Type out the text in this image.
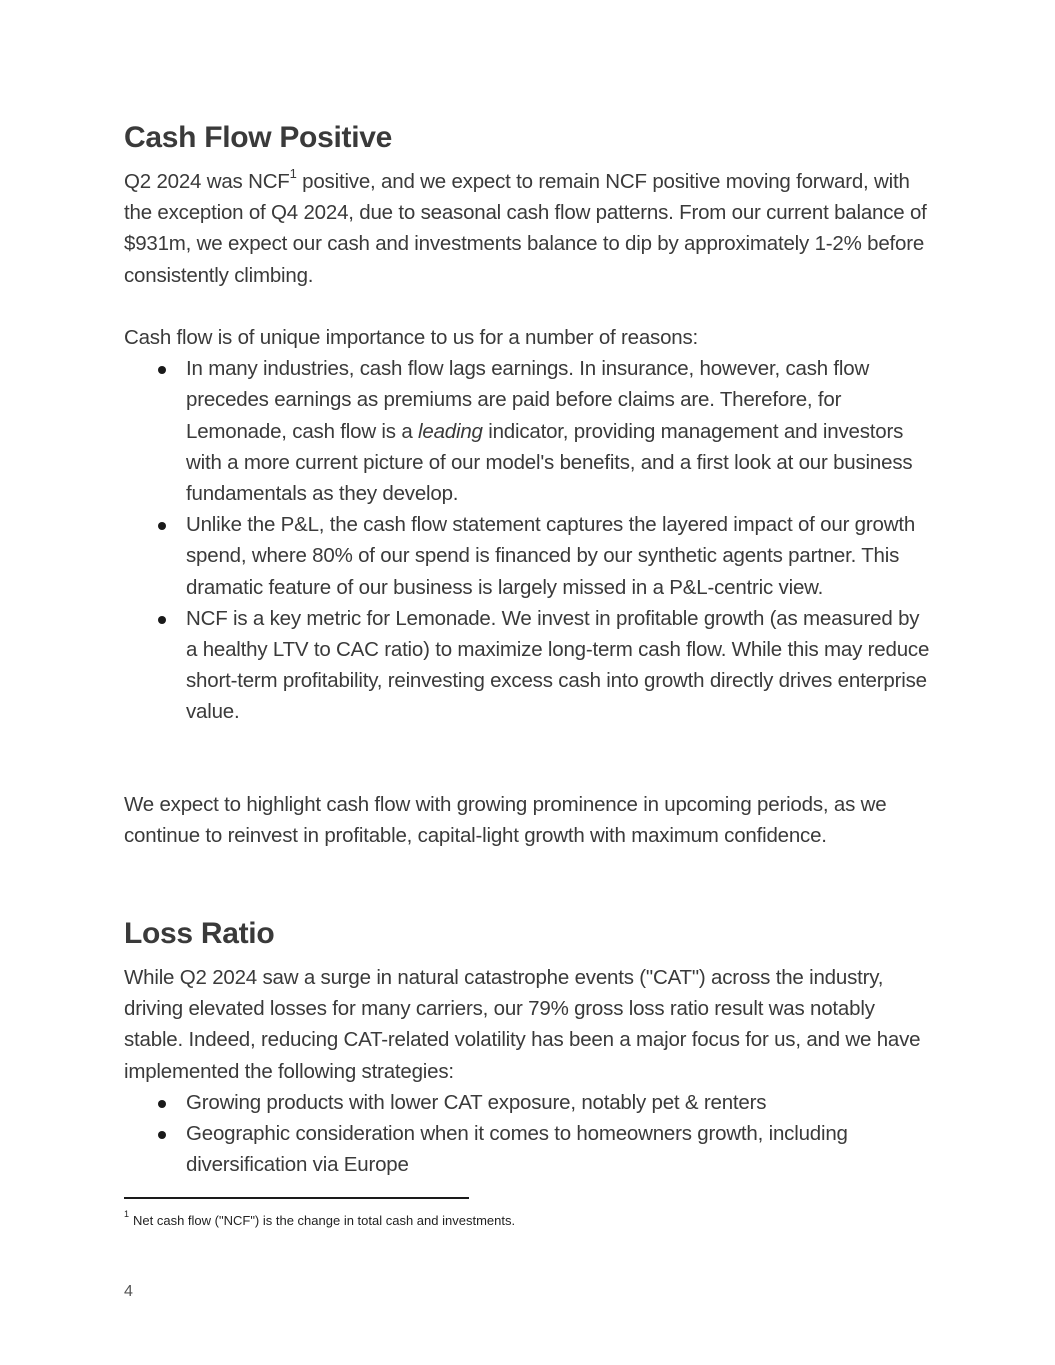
Cash Flow Positive

Q2 2024 was NCF$^1$ positive, and we expect to remain NCF positive moving forward, with the exception of Q4 2024, due to seasonal cash flow patterns. From our current balance of $931m, we expect our cash and investments balance to dip by approximately 1-2% before consistently climbing.

Cash flow is of unique importance to us for a number of reasons:

In many industries, cash flow lags earnings. In insurance, however, cash flow precedes earnings as premiums are paid before claims are. Therefore, for Lemonade, cash flow is a leading indicator, providing management and investors with a more current picture of our model's benefits, and a first look at our business fundamentals as they develop.
Unlike the P&L, the cash flow statement captures the layered impact of our growth spend, where 80% of our spend is financed by our synthetic agents partner. This dramatic feature of our business is largely missed in a P&L-centric view.
NCF is a key metric for Lemonade. We invest in profitable growth (as measured by a healthy LTV to CAC ratio) to maximize long-term cash flow. While this may reduce short-term profitability, reinvesting excess cash into growth directly drives enterprise value.

We expect to highlight cash flow with growing prominence in upcoming periods, as we continue to reinvest in profitable, capital-light growth with maximum confidence.

Loss Ratio

While Q2 2024 saw a surge in natural catastrophe events ("CAT") across the industry, driving elevated losses for many carriers, our 79% gross loss ratio result was notably stable. Indeed, reducing CAT-related volatility has been a major focus for us, and we have implemented the following strategies:

Growing products with lower CAT exposure, notably pet & renters
Geographic consideration when it comes to homeowners growth, including diversification via Europe
$^1$ Net cash flow ("NCF") is the change in total cash and investments.
4
